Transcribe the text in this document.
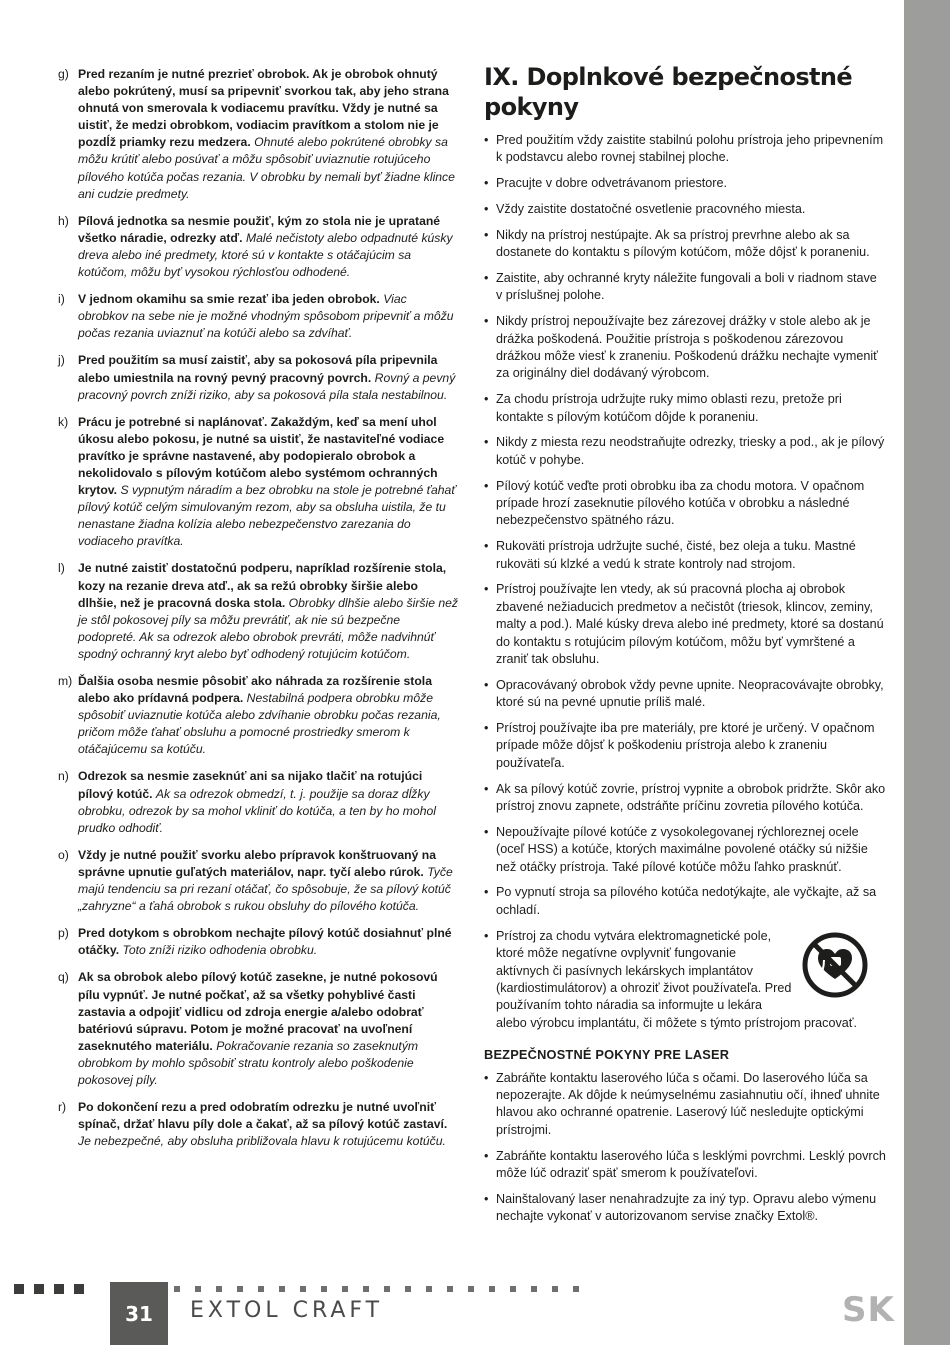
SK
g) Pred rezaním je nutné prezrieť obrobok. Ak je obrobok ohnutý alebo pokrútený, musí sa pripevniť svorkou tak, aby jeho strana ohnutá von smerovala k vodiacemu pravítku. Vždy je nutné sa uistiť, že medzi obrobkom, vodiacim pravítkom a stolom nie je pozdĺž priamky rezu medzera. Ohnuté alebo pokrútené obrobky sa môžu krútiť alebo posúvať a môžu spôsobiť uviaznutie rotujúceho pílového kotúča počas rezania. V obrobku by nemali byť žiadne klince ani cudzie predmety.
h) Pílová jednotka sa nesmie použiť, kým zo stola nie je upratané všetko náradie, odrezky atď. Malé nečistoty alebo odpadnuté kúsky dreva alebo iné predmety, ktoré sú v kontakte s otáčajúcim sa kotúčom, môžu byť vysokou rýchlosťou odhodené.
i)	V jednom okamihu sa smie rezať iba jeden obrobok. Viac obrobkov na sebe nie je možné vhodným spôsobom pripevniť a môžu počas rezania uviaznuť na kotúči alebo sa zdvíhať.
j)	Pred použitím sa musí zaistiť, aby sa pokosová píla pripevnila alebo umiestnila na rovný pevný pracovný povrch. Rovný a pevný pracovný povrch zníži riziko, aby sa pokosová píla stala nestabilnou.
k) Prácu je potrebné si naplánovať. Zakaždým, keď sa mení uhol úkosu alebo pokosu, je nutné sa uistiť, že nastaviteľné vodiace pravítko je správne nastavené, aby podopieralo obrobok a nekolidovalo s pílovým kotúčom alebo systémom ochranných krytov. S vypnutým náradím a bez obrobku na stole je potrebné ťahať pílový kotúč celým simulovaným rezom, aby sa obsluha uistila, že tu nenastane žiadna kolízia alebo nebezpečenstvo zarezania do vodiaceho pravítka.
l)	Je nutné zaistiť dostatočnú podperu, napríklad rozšírenie stola, kozy na rezanie dreva atď., ak sa režú obrobky širšie alebo dlhšie, než je pracovná doska stola. Obrobky dlhšie alebo širšie než je stôl pokosovej píly sa môžu prevrátiť, ak nie sú bezpečne podopreté. Ak sa odrezok alebo obrobok prevráti, môže nadvihnúť spodný ochranný kryt alebo byť odhodený rotujúcim kotúčom.
m) Ďalšia osoba nesmie pôsobiť ako náhrada za rozšírenie stola alebo ako prídavná podpera. Nestabilná podpera obrobku môže spôsobiť uviaznutie kotúča alebo zdvíhanie obrobku počas rezania, pričom môže ťahať obsluhu a pomocné prostriedky smerom k otáčajúcemu sa kotúču.
n) Odrezok sa nesmie zaseknúť ani sa nijako tlačiť na rotujúci pílový kotúč. Ak sa odrezok obmedzí, t. j. použije sa doraz dĺžky obrobku, odrezok by sa mohol vkliniť do kotúča, a ten by ho mohol prudko odhodiť.
o) Vždy je nutné použiť svorku alebo prípravok konštruovaný na správne upnutie guľatých materiálov, napr. tyčí alebo rúrok. Tyče majú tendenciu sa pri rezaní otáčať, čo spôsobuje, že sa pílový kotúč „zahryzne“ a ťahá obrobok s rukou obsluhy do pílového kotúča.
p) Pred dotykom s obrobkom nechajte pílový kotúč dosiahnuť plné otáčky. Toto zníži riziko odhodenia obrobku.
q) Ak sa obrobok alebo pílový kotúč zasekne, je nutné pokosovú pílu vypnúť. Je nutné počkať, až sa všetky pohyblivé časti zastavia a odpojiť vidlicu od zdroja energie a/alebo odobrať batériovú súpravu. Potom je možné pracovať na uvoľnení zaseknutého materiálu. Pokračovanie rezania so zaseknutým obrobkom by mohlo spôsobiť stratu kontroly alebo poškodenie pokosovej píly.
r) Po dokončení rezu a pred odobratím odrezku je nutné uvoľniť spínač, držať hlavu píly dole a čakať, až sa pílový kotúč zastaví. Je nebezpečné, aby obsluha približovala hlavu k rotujúcemu kotúču.
IX. Doplnkové bezpečnostné pokyny
• Pred použitím vždy zaistite stabilnú polohu prístroja jeho pripevnením k podstavcu alebo rovnej stabilnej ploche.
• Pracujte v dobre odvetrávanom priestore.
• Vždy zaistite dostatočné osvetlenie pracovného miesta.
• Nikdy na prístroj nestúpajte. Ak sa prístroj prevrhne alebo ak sa dostanete do kontaktu s pílovým kotúčom, môže dôjsť k poraneniu.
• Zaistite, aby ochranné kryty náležite fungovali a boli v riadnom stave v príslušnej polohe.
• Nikdy prístroj nepoužívajte bez zárezovej drážky v stole alebo ak je drážka poškodená. Použitie prístroja s poškodenou zárezovou drážkou môže viesť k zraneniu. Poškodenú drážku nechajte vymeniť za originálny diel dodávaný výrobcom.
• Za chodu prístroja udržujte ruky mimo oblasti rezu, pretože pri kontakte s pílovým kotúčom dôjde k poraneniu.
• Nikdy z miesta rezu neodstraňujte odrezky, triesky a pod., ak je pílový kotúč v pohybe.
• Pílový kotúč veďte proti obrobku iba za chodu motora. V opačnom prípade hrozí zaseknutie pílového kotúča v obrobku a následné nebezpečenstvo spätného rázu.
• Rukoväti prístroja udržujte suché, čisté, bez oleja a tuku. Mastné rukoväti sú klzké a vedú k strate kontroly nad strojom.
• Prístroj používajte len vtedy, ak sú pracovná plocha aj obrobok zbavené nežiaducich predmetov a nečistôt (triesok, klincov, zeminy, malty a pod.). Malé kúsky dreva alebo iné predmety, ktoré sa dostanú do kontaktu s rotujúcim pílovým kotúčom, môžu byť vymrštené a zraniť tak obsluhu.
• Opracovávaný obrobok vždy pevne upnite. Neopracovávajte obrobky, ktoré sú na pevné upnutie príliš malé.
• Prístroj používajte iba pre materiály, pre ktoré je určený. V opačnom prípade môže dôjsť k poškodeniu prístroja alebo k zraneniu používateľa.
• Ak sa pílový kotúč zovrie, prístroj vypnite a obrobok pridržte. Skôr ako prístroj znovu zapnete, odstráňte príčinu zovretia pílového kotúča.
• Nepoužívajte pílové kotúče z vysokolegovanej rýchloreznej ocele (oceľ HSS) a kotúče, ktorých maximálne povolené otáčky sú nižšie než otáčky prístroja. Také pílové kotúče môžu ľahko prasknúť.
• Po vypnutí stroja sa pílového kotúča nedotýkajte, ale vyčkajte, až sa ochladí.
• Prístroj za chodu vytvára elektromagnetické pole, ktoré môže negatívne ovplyvniť fungovanie aktívnych či pasívnych lekárskych implantátov (kardiostimulátorov) a ohroziť život používateľa. Pred používaním tohto náradia sa informujte u lekára alebo výrobcu implantátu, či môžete s týmto prístrojom pracovať.
BEZPEČNOSTNÉ POKYNY PRE LASER
• Zabráňte kontaktu laserového lúča s očami. Do laserového lúča sa nepozerajte. Ak dôjde k neúmyselnému zasiahnutiu očí, ihneď uhnite hlavou ako ochranné opatrenie. Laserový lúč nesledujte optickými prístrojmi.
• Zabráňte kontaktu laserového lúča s lesklými povrchmi. Lesklý povrch môže lúč odraziť späť smerom k používateľovi.
• Nainštalovaný laser nenahradzujte za iný typ. Opravu alebo výmenu nechajte vykonať v autorizovanom servise značky Extol®.
31	EXTOL CRAFT
